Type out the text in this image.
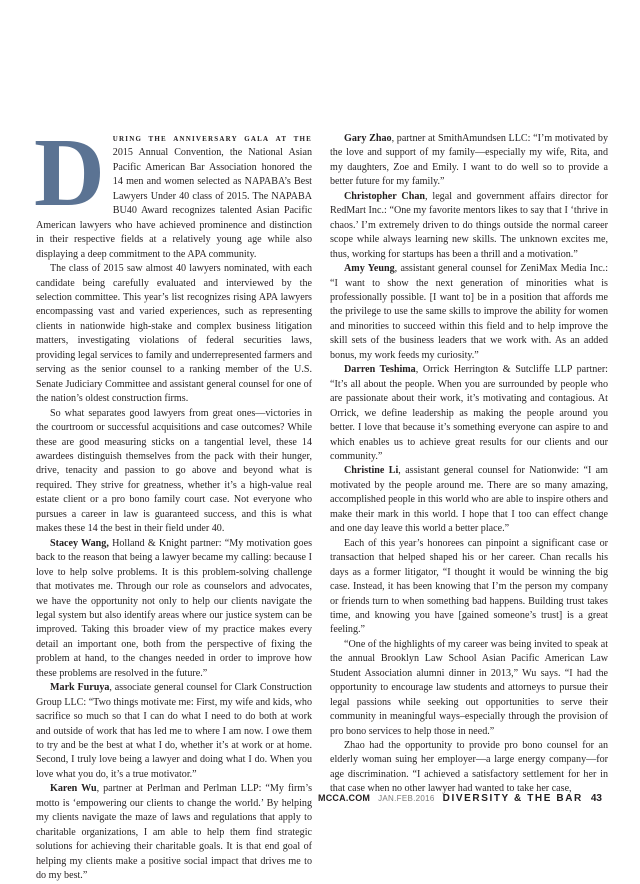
During the anniversary gala at the 2015 Annual Convention, the National Asian Pacific American Bar Association honored the 14 men and women selected as NAPABA’s Best Lawyers Under 40 class of 2015. The NAPABA BU40 Award recognizes talented Asian Pacific American lawyers who have achieved prominence and distinction in their respective fields at a relatively young age while also displaying a deep commitment to the APA community.

The class of 2015 saw almost 40 lawyers nominated, with each candidate being carefully evaluated and interviewed by the selection committee. This year’s list recognizes rising APA lawyers encompassing vast and varied experiences, such as representing clients in nationwide high-stake and complex business litigation matters, investigating violations of federal securities laws, providing legal services to family and underrepresented farmers and serving as the senior counsel to a ranking member of the U.S. Senate Judiciary Committee and assistant general counsel for one of the nation’s oldest construction firms.

So what separates good lawyers from great ones—victories in the courtroom or successful acquisitions and case outcomes? While these are good measuring sticks on a tangential level, these 14 awardees distinguish themselves from the pack with their hunger, drive, tenacity and passion to go above and beyond what is required. They strive for greatness, whether it’s a high-value real estate client or a pro bono family court case. Not everyone who pursues a career in law is guaranteed success, and this is what makes these 14 the best in their field under 40.

Stacey Wang, Holland & Knight partner: “My motivation goes back to the reason that being a lawyer became my calling: because I love to help solve problems. It is this problem-solving challenge that motivates me. Through our role as counselors and advocates, we have the opportunity not only to help our clients navigate the legal system but also identify areas where our justice system can be improved. Taking this broader view of my practice makes every detail an important one, both from the perspective of fixing the problem at hand, to the changes needed in order to improve how these problems are resolved in the future.”

Mark Furuya, associate general counsel for Clark Construction Group LLC: “Two things motivate me: First, my wife and kids, who sacrifice so much so that I can do what I need to do both at work and outside of work that has led me to where I am now. I owe them to try and be the best at what I do, whether it’s at work or at home. Second, I truly love being a lawyer and doing what I do. When you love what you do, it’s a true motivator.”

Karen Wu, partner at Perlman and Perlman LLP: “My firm’s motto is ‘empowering our clients to change the world.’ By helping my clients navigate the maze of laws and regulations that apply to charitable organizations, I am able to help them find strategic solutions for achieving their charitable goals. It is that end goal of helping my clients make a positive social impact that drives me to do my best.”

Gary Zhao, partner at SmithAmundsen LLC: “I’m motivated by the love and support of my family—especially my wife, Rita, and my daughters, Zoe and Emily. I want to do well so to provide a better future for my family.”

Christopher Chan, legal and government affairs director for RedMart Inc.: “One my favorite mentors likes to say that I ‘thrive in chaos.’ I’m extremely driven to do things outside the normal career scope while always learning new skills. The unknown excites me, thus, working for startups has been a thrill and a motivation.”

Amy Yeung, assistant general counsel for ZeniMax Media Inc.: “I want to show the next generation of minorities what is professionally possible. [I want to] be in a position that affords me the privilege to use the same skills to improve the ability for women and minorities to succeed within this field and to help improve the skill sets of the business leaders that we work with. As an added bonus, my work feeds my curiosity.”

Darren Teshima, Orrick Herrington & Sutcliffe LLP partner: “It’s all about the people. When you are surrounded by people who are passionate about their work, it’s motivating and contagious. At Orrick, we define leadership as making the people around you better. I love that because it’s something everyone can aspire to and which enables us to achieve great results for our clients and our community.”

Christine Li, assistant general counsel for Nationwide: “I am motivated by the people around me. There are so many amazing, accomplished people in this world who are able to inspire others and make their mark in this world. I hope that I too can effect change and one day leave this world a better place.”

Each of this year’s honorees can pinpoint a significant case or transaction that helped shaped his or her career. Chan recalls his days as a former litigator, “I thought it would be winning the big case. Instead, it has been knowing that I’m the person my company or friends turn to when something bad happens. Building trust takes time, and knowing you have [gained someone’s trust] is a great feeling.”

“One of the highlights of my career was being invited to speak at the annual Brooklyn Law School Asian Pacific American Law Student Association alumni dinner in 2013,” Wu says. “I had the opportunity to encourage law students and attorneys to pursue their legal passions while seeking out opportunities to serve their community in meaningful ways–especially through the provision of pro bono services to help those in need.”

Zhao had the opportunity to provide pro bono counsel for an elderly woman suing her employer—a large energy company—for age discrimination. “I achieved a satisfactory settlement for her in that case when no other lawyer had wanted to take her case,

MCCA.COM JAN.FEB.2016 DIVERSITY & THE BAR 43
